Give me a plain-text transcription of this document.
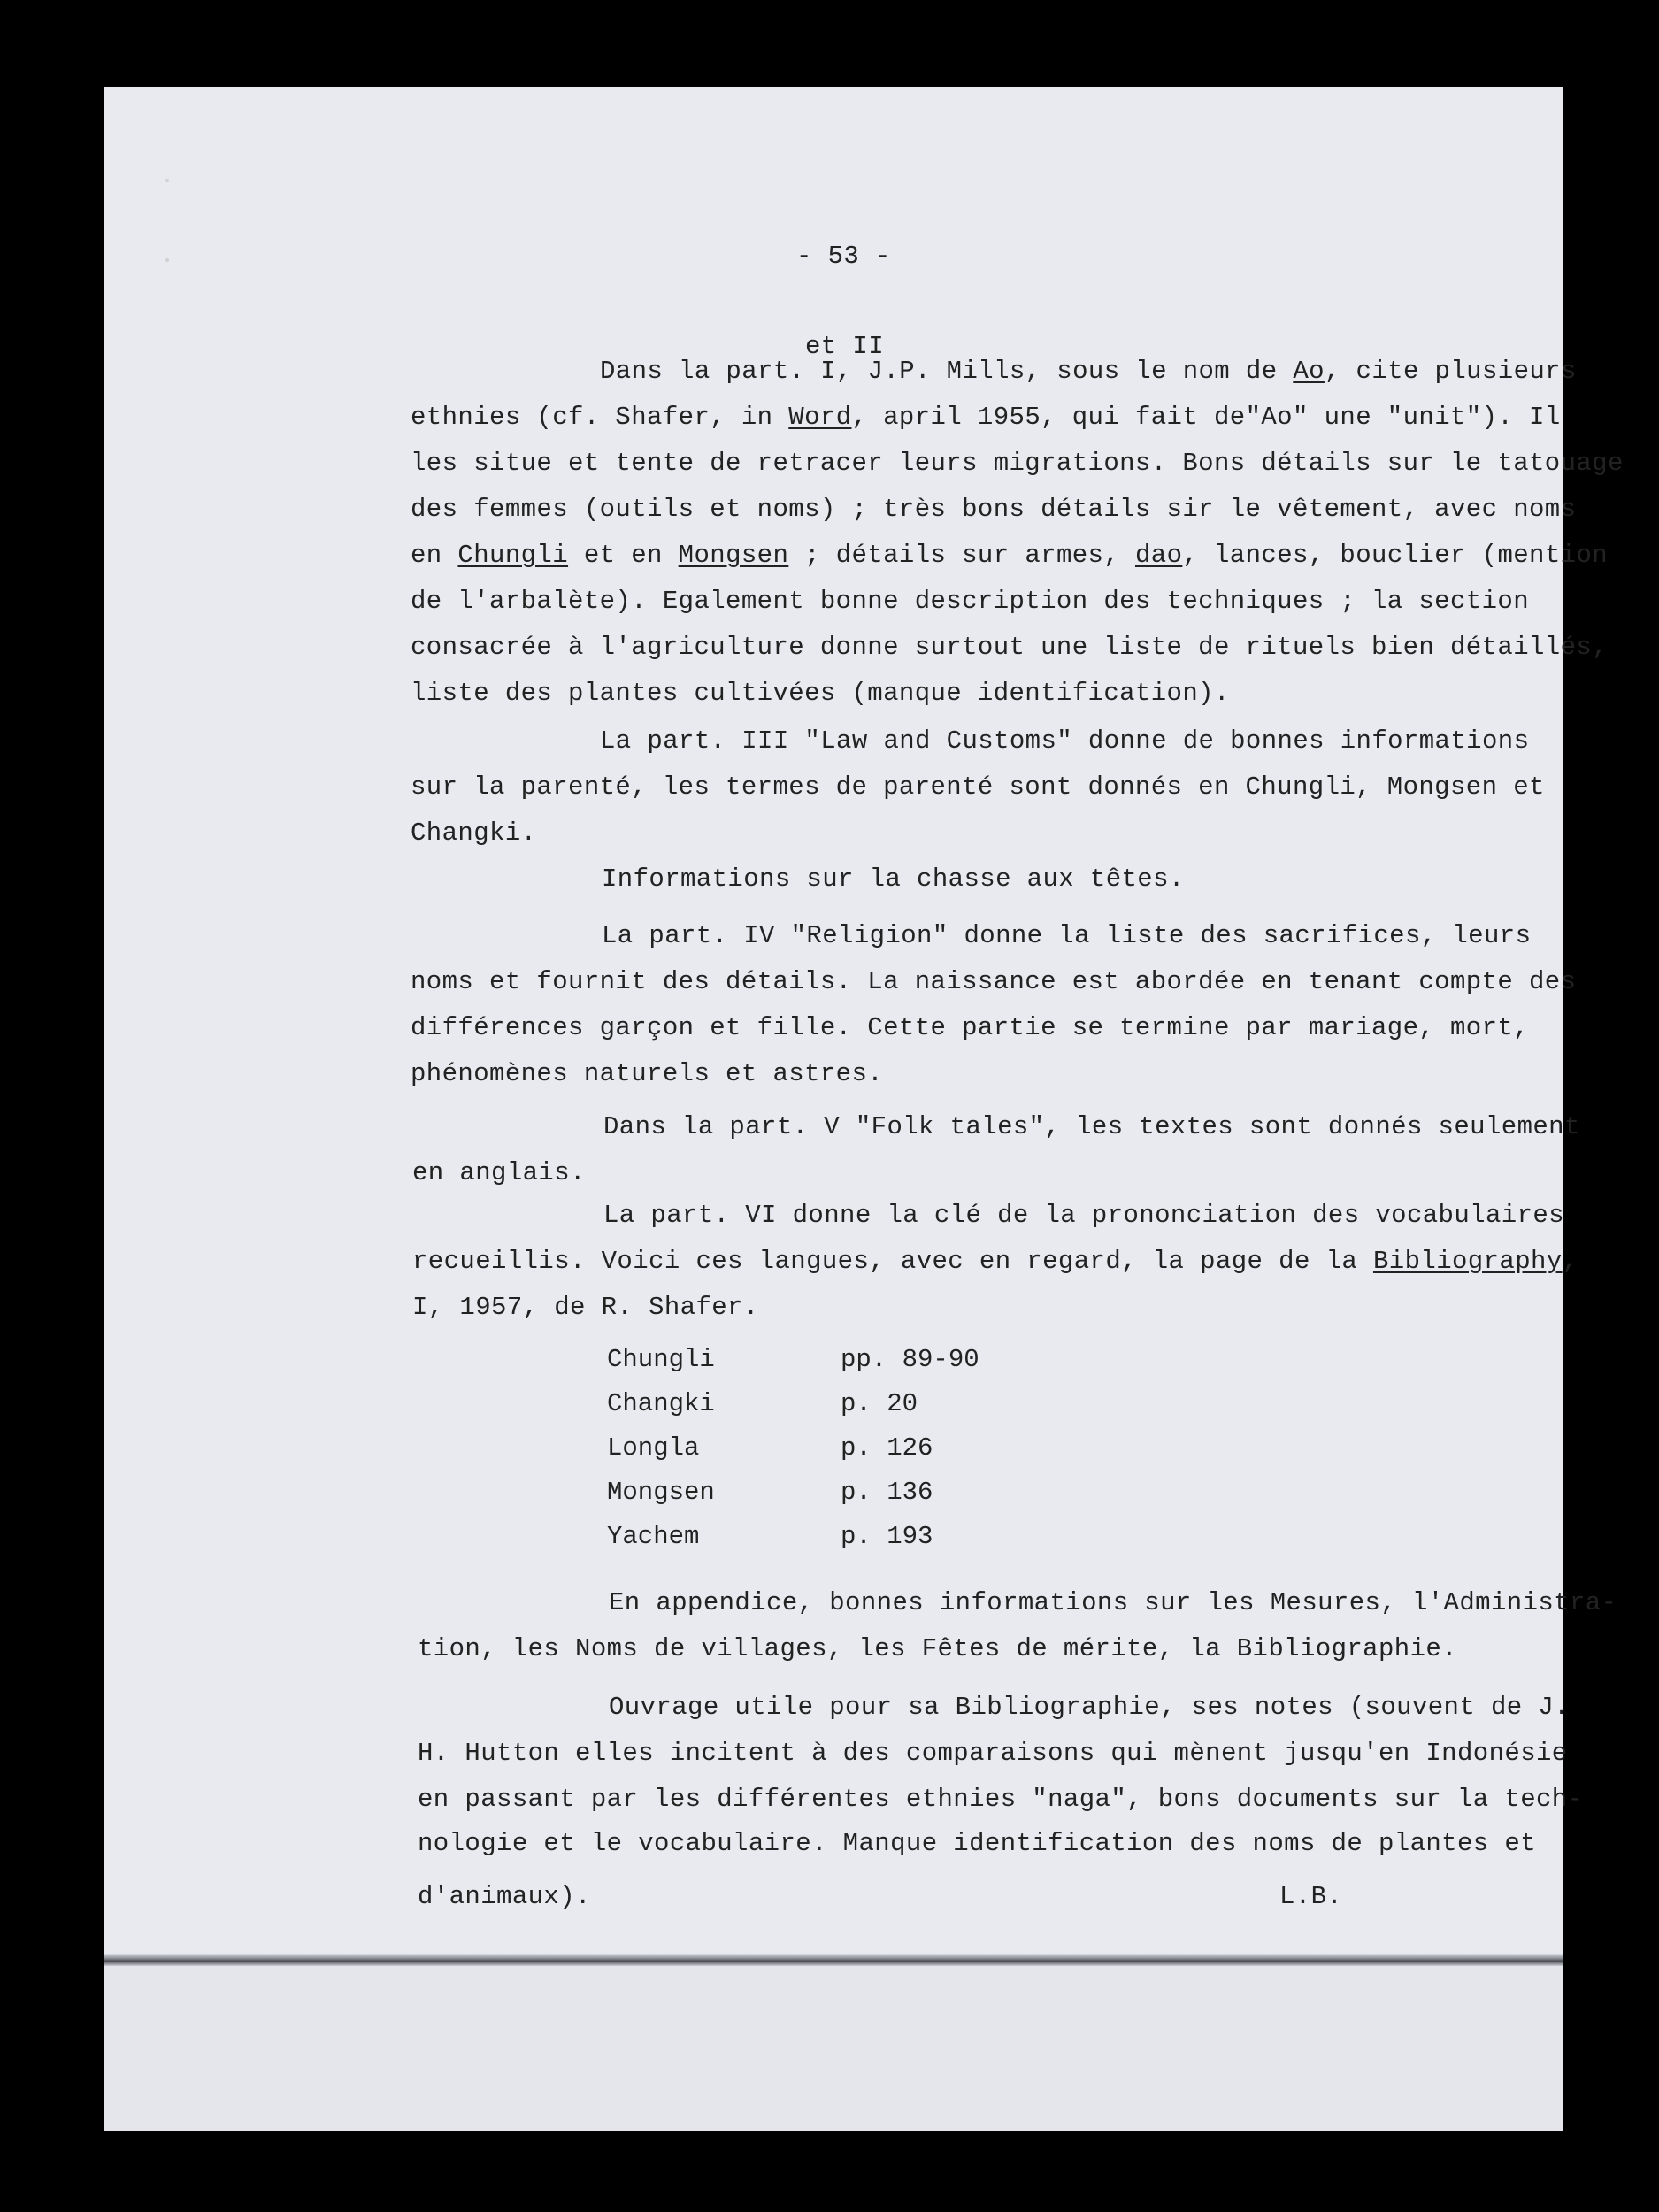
- 53 -
et II
Dans la part. I, J.P. Mills, sous le nom de Ao, cite plusieurs
ethnies (cf. Shafer, in Word, april 1955, qui fait de"Ao" une "unit"). Il
les situe et tente de retracer leurs migrations. Bons détails sur le tatouage
des femmes (outils et noms) ; très bons détails sir le vêtement, avec noms
en Chungli et en Mongsen ; détails sur armes, dao, lances, bouclier (mention
de l'arbalète). Egalement bonne description des techniques ; la section
consacrée à l'agriculture donne surtout une liste de rituels bien détaillés,
liste des plantes cultivées (manque identification).
La part. III "Law and Customs" donne de bonnes informations
sur la parenté, les termes de parenté sont donnés en Chungli, Mongsen et
Changki.
Informations sur la chasse aux têtes.
La part. IV "Religion" donne la liste des sacrifices, leurs
noms et fournit des détails. La naissance est abordée en tenant compte des
différences garçon et fille. Cette partie se termine par mariage, mort,
phénomènes naturels et astres.
Dans la part. V "Folk tales", les textes sont donnés seulement
en anglais.
La part. VI donne la clé de la prononciation des vocabulaires
recueillis. Voici ces langues, avec en regard, la page de la Bibliography,
I, 1957, de R. Shafer.
Chungli	pp. 89-90
Changki	p. 20
Longla	p. 126
Mongsen	p. 136
Yachem	p. 193
En appendice, bonnes informations sur les Mesures, l'Administra-
tion, les Noms de villages, les Fêtes de mérite, la Bibliographie.
Ouvrage utile pour sa Bibliographie, ses notes (souvent de J.
H. Hutton elles incitent à des comparaisons qui mènent jusqu'en Indonésie
en passant par les différentes ethnies "naga", bons documents sur la tech-
nologie et le vocabulaire. Manque identification des noms de plantes et
d'animaux).	L.B.
